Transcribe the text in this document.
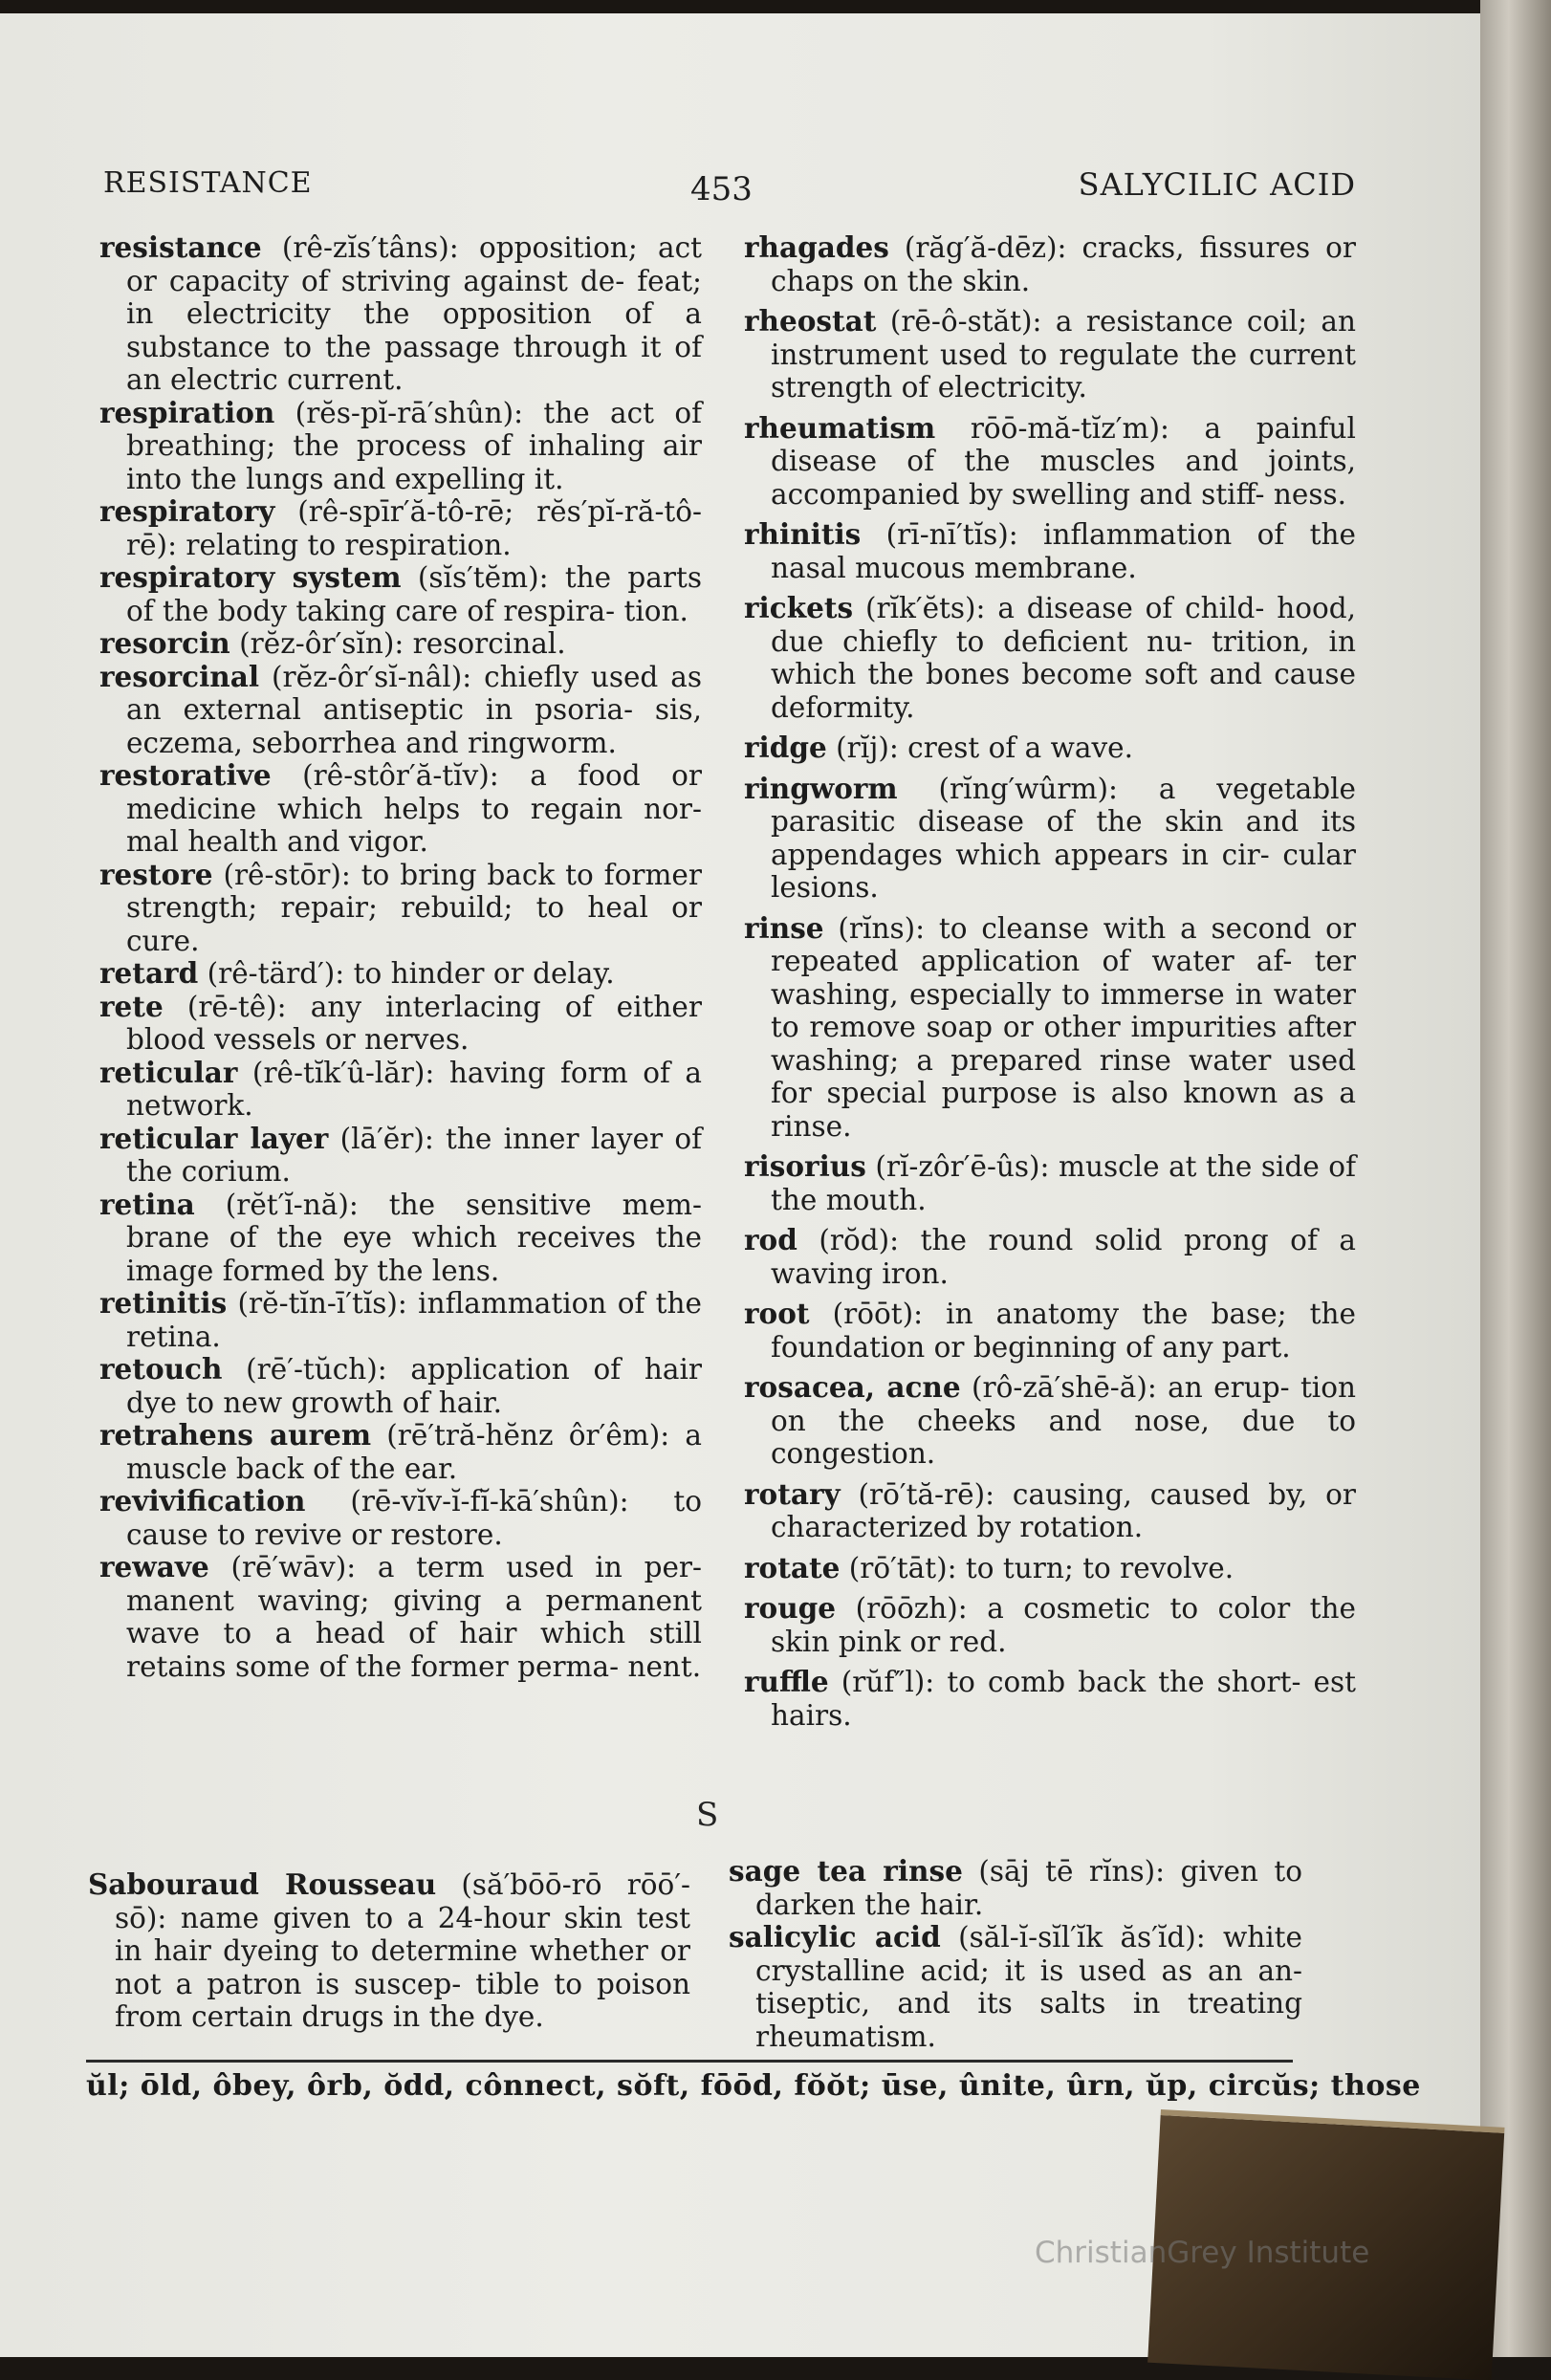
RESISTANCE	453	SALYCILIC ACID
resistance (rê-zĭs′tâns): opposition; act or capacity of striving against de- feat; in electricity the opposition of a substance to the passage through it of an electric current.
respiration (rĕs-pĭ-rā′shûn): the act of breathing; the process of inhaling air into the lungs and expelling it.
respiratory (rê-spīr′ă-tô-rē; rĕs′pĭ-ră-tô-rē): relating to respiration.
respiratory system (sĭs′tĕm): the parts of the body taking care of respira- tion.
resorcin (rĕz-ôr′sĭn): resorcinal.
resorcinal (rĕz-ôr′sĭ-nâl): chiefly used as an external antiseptic in psoria- sis, eczema, seborrhea and ringworm.
restorative (rê-stôr′ă-tĭv): a food or medicine which helps to regain nor- mal health and vigor.
restore (rê-stōr): to bring back to former strength; repair; rebuild; to heal or cure.
retard (rê-tärd′): to hinder or delay.
rete (rē-tê): any interlacing of either blood vessels or nerves.
reticular (rê-tĭk′û-lăr): having form of a network.
reticular layer (lā′ĕr): the inner layer of the corium.
retina (rĕt′ĭ-nă): the sensitive mem- brane of the eye which receives the image formed by the lens.
retinitis (rĕ-tĭn-ī′tĭs): inflammation of the retina.
retouch (rē′-tŭch): application of hair dye to new growth of hair.
retrahens aurem (rē′tră-hĕnz ôr′êm): a muscle back of the ear.
revivification (rē-vĭv-ĭ-fĭ-kā′shûn): to cause to revive or restore.
rewave (rē′wāv): a term used in per- manent waving; giving a permanent wave to a head of hair which still retains some of the former perma- nent.
rhagades (răg′ă-dēz): cracks, fissures or chaps on the skin.
rheostat (rē-ô-stăt): a resistance coil; an instrument used to regulate the current strength of electricity.
rheumatism rōō-mă-tĭz′m): a painful disease of the muscles and joints, accompanied by swelling and stiff- ness.
rhinitis (rī-nī′tĭs): inflammation of the nasal mucous membrane.
rickets (rĭk′ĕts): a disease of child- hood, due chiefly to deficient nu- trition, in which the bones become soft and cause deformity.
ridge (rĭj): crest of a wave.
ringworm (rĭng′wûrm): a vegetable parasitic disease of the skin and its appendages which appears in cir- cular lesions.
rinse (rĭns): to cleanse with a second or repeated application of water af- ter washing, especially to immerse in water to remove soap or other impurities after washing; a prepared rinse water used for special purpose is also known as a rinse.
risorius (rĭ-zôr′ē-ûs): muscle at the side of the mouth.
rod (rŏd): the round solid prong of a waving iron.
root (rōōt): in anatomy the base; the foundation or beginning of any part.
rosacea, acne (rô-zā′shē-ă): an erup- tion on the cheeks and nose, due to congestion.
rotary (rō′tă-rē): causing, caused by, or characterized by rotation.
rotate (rō′tāt): to turn; to revolve.
rouge (rōōzh): a cosmetic to color the skin pink or red.
ruffle (rŭf″l): to comb back the short- est hairs.
S
Sabouraud Rousseau (să′bōō-rō rōō′-sō): name given to a 24-hour skin test in hair dyeing to determine whether or not a patron is suscep- tible to poison from certain drugs in the dye.
sage tea rinse (sāj tē rĭns): given to darken the hair.
salicylic acid (săl-ĭ-sĭl′ĭk ăs′ĭd): white crystalline acid; it is used as an an- tiseptic, and its salts in treating rheumatism.
ŭl; ōld, ôbey, ôrb, ŏdd, cônnect, sŏft, fōōd, fŏŏt; ūse, ûnite, ûrn, ŭp, circŭs; those
ChristianGrey Institute
